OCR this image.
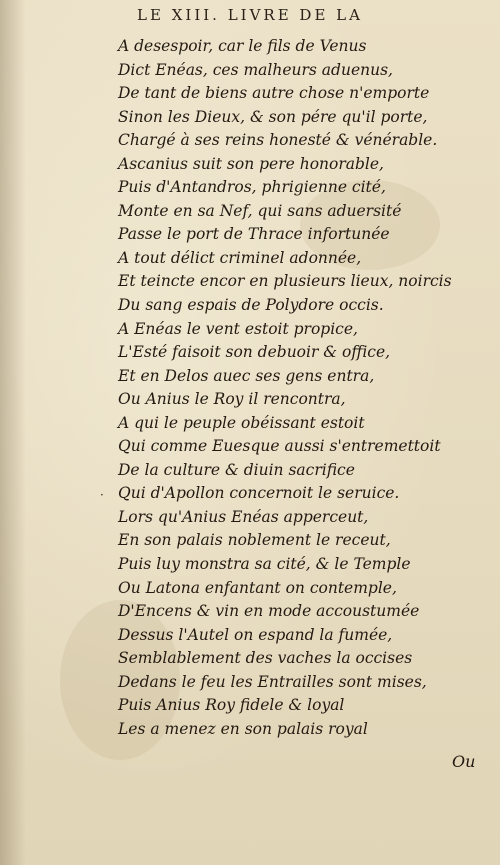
LE XIII. LIVRE DE LA
A desespoir, car le fils de Venus
Dict Enéas, ces malheurs aduenus,
De tant de biens autre chose n'emporte
Sinon les Dieux, & son pére qu'il porte,
Chargé à ses reins honesté & vénérable.
Ascanius suit son pere honorable,
Puis d'Antandros, phrigienne cité,
Monte en sa Nef, qui sans aduersité
Passe le port de Thrace infortunée
A tout délict criminel adonnée,
Et teincte encor en plusieurs lieux, noircis
Du sang espais de Polydore occis.
A Enéas le vent estoit propice,
L'Esté faisoit son debuoir & office,
Et en Delos auec ses gens entra,
Ou Anius le Roy il rencontra,
A qui le peuple obéissant estoit
Qui comme Euesque aussi s'entremettoit
De la culture & diuin sacrifice
Qui d'Apollon concernoit le seruice.
Lors qu'Anius Enéas apperceut,
En son palais noblement le receut,
Puis luy monstra sa cité, & le Temple
Ou Latona enfantant on contemple,
D'Encens & vin en mode accoustumée
Dessus l'Autel on espand la fumée,
Semblablement des vaches la occises
Dedans le feu les Entrailles sont mises,
Puis Anius Roy fidele & loyal
Les a menez en son palais royal
·
Ou
